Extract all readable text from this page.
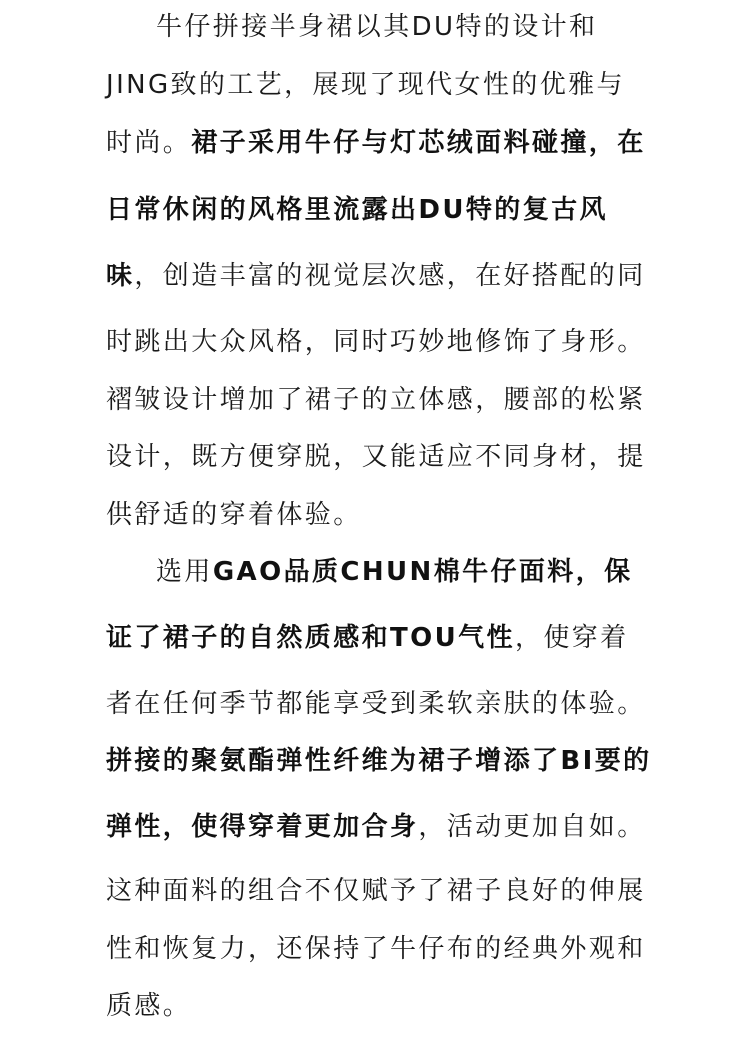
牛仔拼接半身裙以其DU特的设计和
JING致的工艺，展现了现代女性的优雅与
时尚。裙子采用牛仔与灯芯绒面料碰撞，在
日常休闲的风格里流露出DU特的复古风
味，创造丰富的视觉层次感，在好搭配的同
时跳出大众风格，同时巧妙地修饰了身形。
褶皱设计增加了裙子的立体感，腰部的松紧
设计，既方便穿脱，又能适应不同身材，提
供舒适的穿着体验。
选用GAO品质CHUN棉牛仔面料，保
证了裙子的自然质感和TOU气性，使穿着
者在任何季节都能享受到柔软亲肤的体验。
拼接的聚氨酯弹性纤维为裙子增添了BI要的
弹性，使得穿着更加合身，活动更加自如。
这种面料的组合不仅赋予了裙子良好的伸展
性和恢复力，还保持了牛仔布的经典外观和
质感。
